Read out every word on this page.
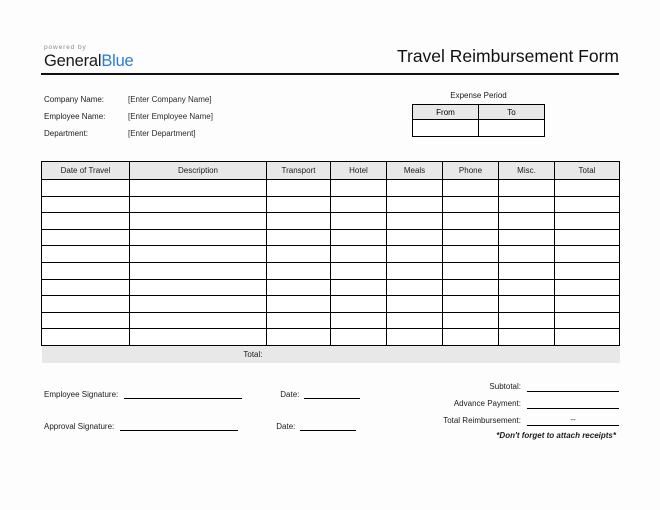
powered by
GeneralBlue	Travel Reimbursement Form
Company Name:	[Enter Company Name]
Employee Name:	[Enter Employee Name]
Department:	[Enter Department]
Expense Period
From	To

Date of Travel	Description	Transport	Hotel	Meals	Phone	Misc.	Total

Total:							
Employee Signature:	Date:
Approval Signature:	Date:
Subtotal:
Advance Payment:
Total Reimbursement:	--
*Don't forget to attach receipts*
